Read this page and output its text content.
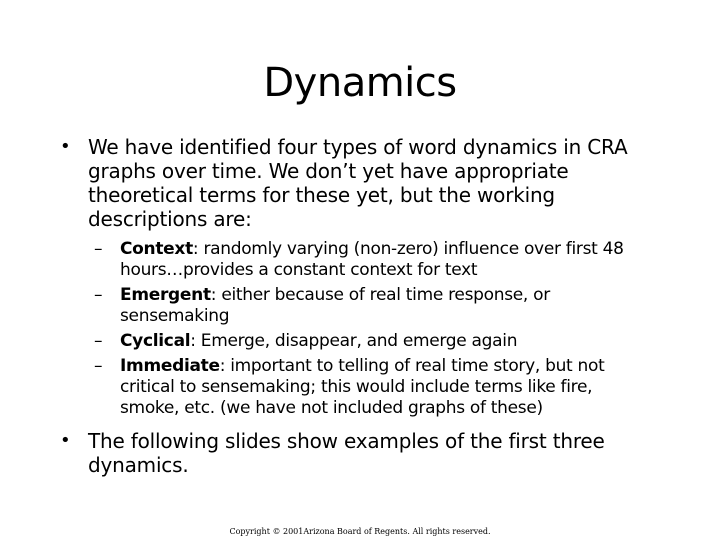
Dynamics
• We have identified four types of word dynamics in CRA graphs over time. We don’t yet have appropriate theoretical terms for these yet, but the working descriptions are:
– Context: randomly varying (non-zero) influence over first 48 hours…provides a constant context for text
– Emergent: either because of real time response, or sensemaking
– Cyclical: Emerge, disappear, and emerge again
– Immediate: important to telling of real time story, but not critical to sensemaking; this would include terms like fire, smoke, etc. (we have not included graphs of these)
• The following slides show examples of the first three dynamics.
Copyright © 2001Arizona Board of Regents. All rights reserved.
